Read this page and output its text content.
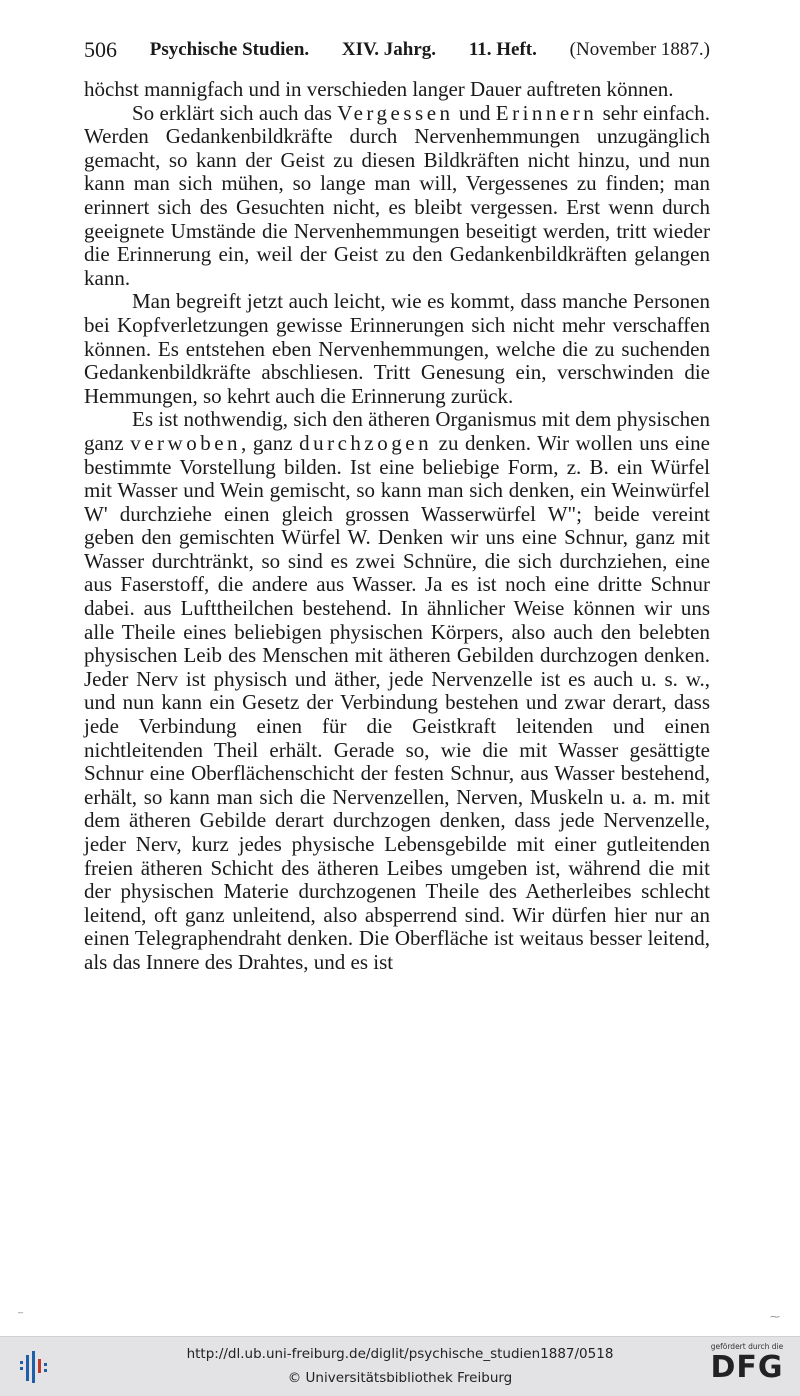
506 Psychische Studien. XIV. Jahrg. 11. Heft. (November 1887.)

höchst mannigfach und in verschieden langer Dauer auftreten können.

So erklärt sich auch das Vergessen und Erinnern sehr einfach. Werden Gedankenbildkräfte durch Nervenhemmungen unzugänglich gemacht, so kann der Geist zu diesen Bildkräften nicht hinzu, und nun kann man sich mühen, so lange man will, Vergessenes zu finden; man erinnert sich des Gesuchten nicht, es bleibt vergessen. Erst wenn durch geeignete Umstände die Nervenhemmungen beseitigt werden, tritt wieder die Erinnerung ein, weil der Geist zu den Gedankenbildkräften gelangen kann.

Man begreift jetzt auch leicht, wie es kommt, dass manche Personen bei Kopfverletzungen gewisse Erinnerungen sich nicht mehr verschaffen können. Es entstehen eben Nervenhemmungen, welche die zu suchenden Gedankenbildkräfte abschliesen. Tritt Genesung ein, verschwinden die Hemmungen, so kehrt auch die Erinnerung zurück.

Es ist nothwendig, sich den ätheren Organismus mit dem physischen ganz verwoben, ganz durchzogen zu denken. Wir wollen uns eine bestimmte Vorstellung bilden. Ist eine beliebige Form, z. B. ein Würfel mit Wasser und Wein gemischt, so kann man sich denken, ein Weinwürfel W' durchziehe einen gleich grossen Wasserwürfel W"; beide vereint geben den gemischten Würfel W. Denken wir uns eine Schnur, ganz mit Wasser durchtränkt, so sind es zwei Schnüre, die sich durchziehen, eine aus Faserstoff, die andere aus Wasser. Ja es ist noch eine dritte Schnur dabei. aus Lufttheilchen bestehend. In ähnlicher Weise können wir uns alle Theile eines beliebigen physischen Körpers, also auch den belebten physischen Leib des Menschen mit ätheren Gebilden durchzogen denken. Jeder Nerv ist physisch und äther, jede Nervenzelle ist es auch u. s. w., und nun kann ein Gesetz der Verbindung bestehen und zwar derart, dass jede Verbindung einen für die Geistkraft leitenden und einen nichtleitenden Theil erhält. Gerade so, wie die mit Wasser gesättigte Schnur eine Oberflächenschicht der festen Schnur, aus Wasser bestehend, erhält, so kann man sich die Nervenzellen, Nerven, Muskeln u. a. m. mit dem ätheren Gebilde derart durchzogen denken, dass jede Nervenzelle, jeder Nerv, kurz jedes physische Lebensgebilde mit einer gutleitenden freien ätheren Schicht des ätheren Leibes umgeben ist, während die mit der physischen Materie durchzogenen Theile des Aetherleibes schlecht leitend, oft ganz unleitend, also absperrend sind. Wir dürfen hier nur an einen Telegraphendraht denken. Die Oberfläche ist weitaus besser leitend, als das Innere des Drahtes, und es ist

‾	⁓
http://dl.ub.uni-freiburg.de/diglit/psychische_studien1887/0518
© Universitätsbibliothek Freiburg
gefördert durch die
DFG
